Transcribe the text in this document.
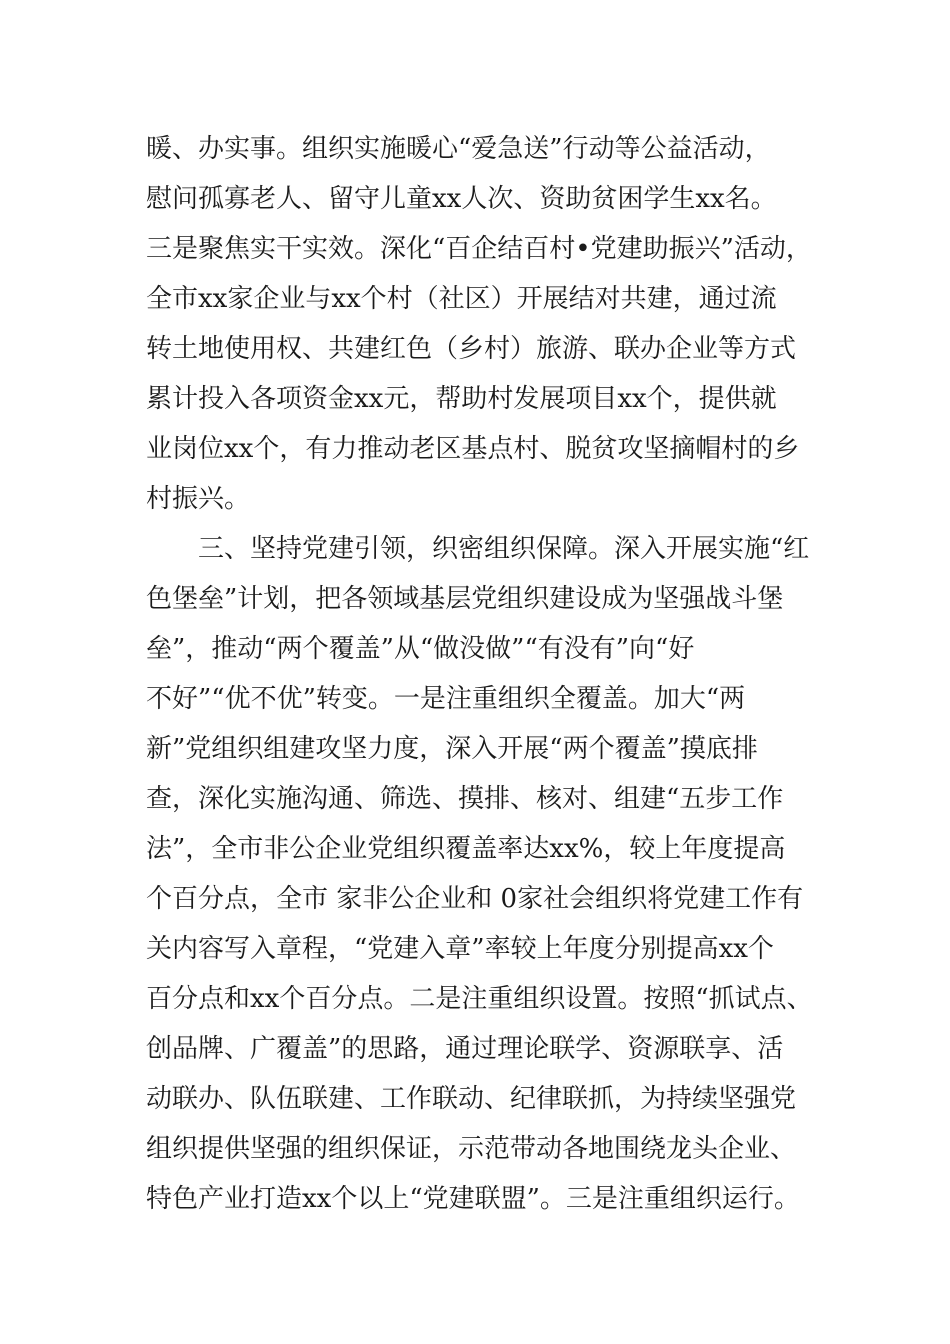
暖、办实事。组织实施暖心“爱急送”行动等公益活动，
慰问孤寡老人、留守儿童xx人次、资助贫困学生xx名。
三是聚焦实干实效。深化“百企结百村•党建助振兴”活动，
全市xx家企业与xx个村（社区）开展结对共建，通过流
转土地使用权、共建红色（乡村）旅游、联办企业等方式
累计投入各项资金xx元，帮助村发展项目xx个，提供就
业岗位xx个，有力推动老区基点村、脱贫攻坚摘帽村的乡
村振兴。
三、坚持党建引领，织密组织保障。深入开展实施“红
色堡垒”计划，把各领域基层党组织建设成为坚强战斗堡
垒”，推动“两个覆盖”从“做没做”“有没有”向“好
不好”“优不优”转变。一是注重组织全覆盖。加大“两
新”党组织组建攻坚力度，深入开展“两个覆盖”摸底排
查，深化实施沟通、筛选、摸排、核对、组建“五步工作
法”，全市非公企业党组织覆盖率达xx%，较上年度提高
个百分点，全市 家非公企业和 0家社会组织将党建工作有
关内容写入章程，“党建入章”率较上年度分别提高xx个
百分点和xx个百分点。二是注重组织设置。按照“抓试点、
创品牌、广覆盖”的思路，通过理论联学、资源联享、活
动联办、队伍联建、工作联动、纪律联抓，为持续坚强党
组织提供坚强的组织保证，示范带动各地围绕龙头企业、
特色产业打造xx个以上“党建联盟”。三是注重组织运行。
